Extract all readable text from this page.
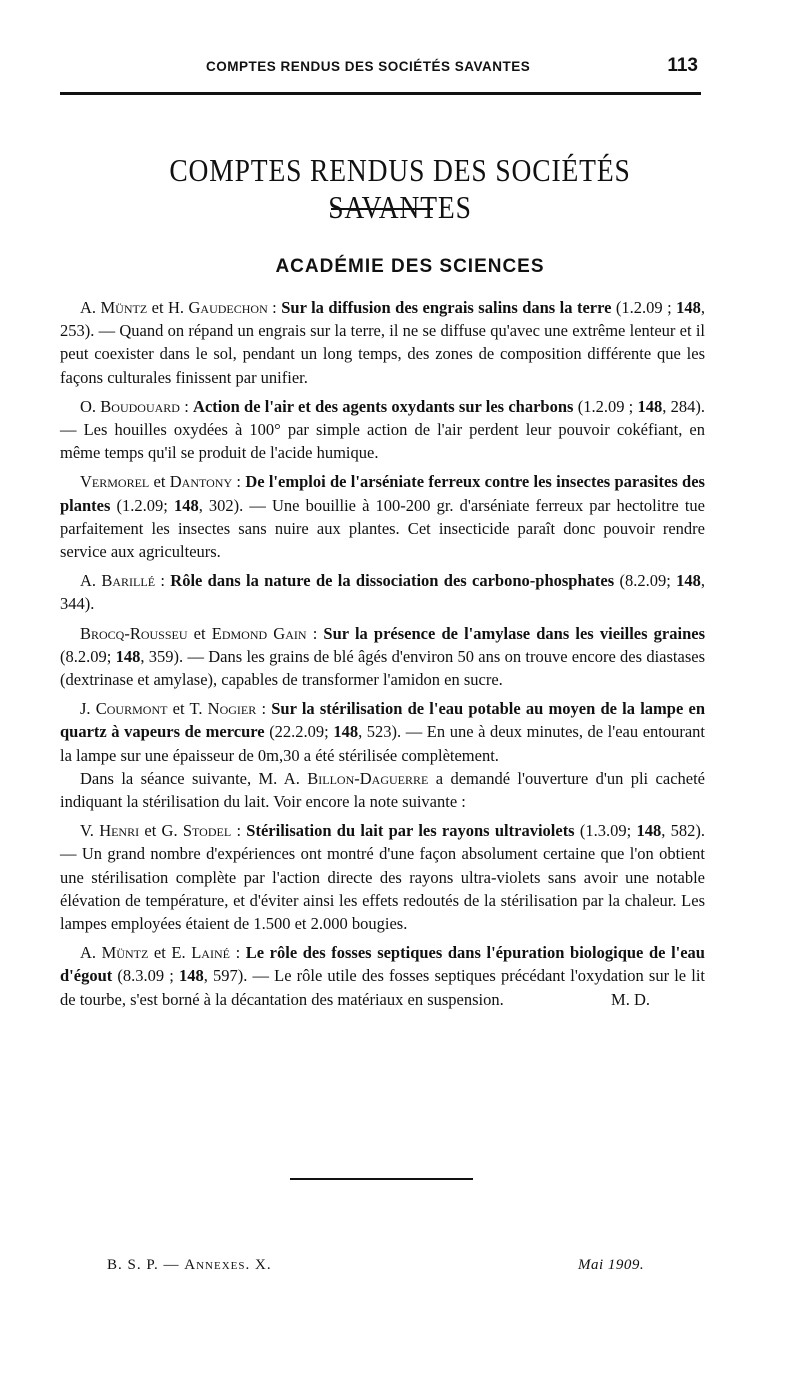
COMPTES RENDUS DES SOCIÉTÉS SAVANTES	113
COMPTES RENDUS DES SOCIÉTÉS SAVANTES
ACADÉMIE DES SCIENCES

A. Müntz et H. Gaudechon : Sur la diffusion des engrais salins dans la terre (1.2.09 ; 148, 253). — Quand on répand un engrais sur la terre, il ne se diffuse qu'avec une extrême lenteur et il peut coexister dans le sol, pendant un long temps, des zones de composition différente que les façons culturales finissent par unifier.

O. Boudouard : Action de l'air et des agents oxydants sur les charbons (1.2.09 ; 148, 284). — Les houilles oxydées à 100° par simple action de l'air perdent leur pouvoir cokéfiant, en même temps qu'il se produit de l'acide humique.

Vermorel et Dantony : De l'emploi de l'arséniate ferreux contre les insectes parasites des plantes (1.2.09; 148, 302). — Une bouillie à 100-200 gr. d'arséniate ferreux par hectolitre tue parfaitement les insectes sans nuire aux plantes. Cet insecticide paraît donc pouvoir rendre service aux agriculteurs.

A. Barillé : Rôle dans la nature de la dissociation des carbono-phosphates (8.2.09; 148, 344).

Brocq-Rousseu et Edmond Gain : Sur la présence de l'amylase dans les vieilles graines (8.2.09; 148, 359). — Dans les grains de blé âgés d'environ 50 ans on trouve encore des diastases (dextrinase et amylase), capables de transformer l'amidon en sucre.

J. Courmont et T. Nogier : Sur la stérilisation de l'eau potable au moyen de la lampe en quartz à vapeurs de mercure (22.2.09; 148, 523). — En une à deux minutes, de l'eau entourant la lampe sur une épaisseur de 0m,30 a été stérilisée complètement.

Dans la séance suivante, M. A. Billon-Daguerre a demandé l'ouverture d'un pli cacheté indiquant la stérilisation du lait. Voir encore la note suivante :

V. Henri et G. Stodel : Stérilisation du lait par les rayons ultraviolets (1.3.09; 148, 582). — Un grand nombre d'expériences ont montré d'une façon absolument certaine que l'on obtient une stérilisation complète par l'action directe des rayons ultra-violets sans avoir une notable élévation de température, et d'éviter ainsi les effets redoutés de la stérilisation par la chaleur. Les lampes employées étaient de 1.500 et 2.000 bougies.

A. Müntz et E. Lainé : Le rôle des fosses septiques dans l'épuration biologique de l'eau d'égout (8.3.09 ; 148, 597). — Le rôle utile des fosses septiques précédant l'oxydation sur le lit de tourbe, s'est borné à la décantation des matériaux en suspension.	M. D.

B. S. P. — Annexes. X.	Mai 1909.
